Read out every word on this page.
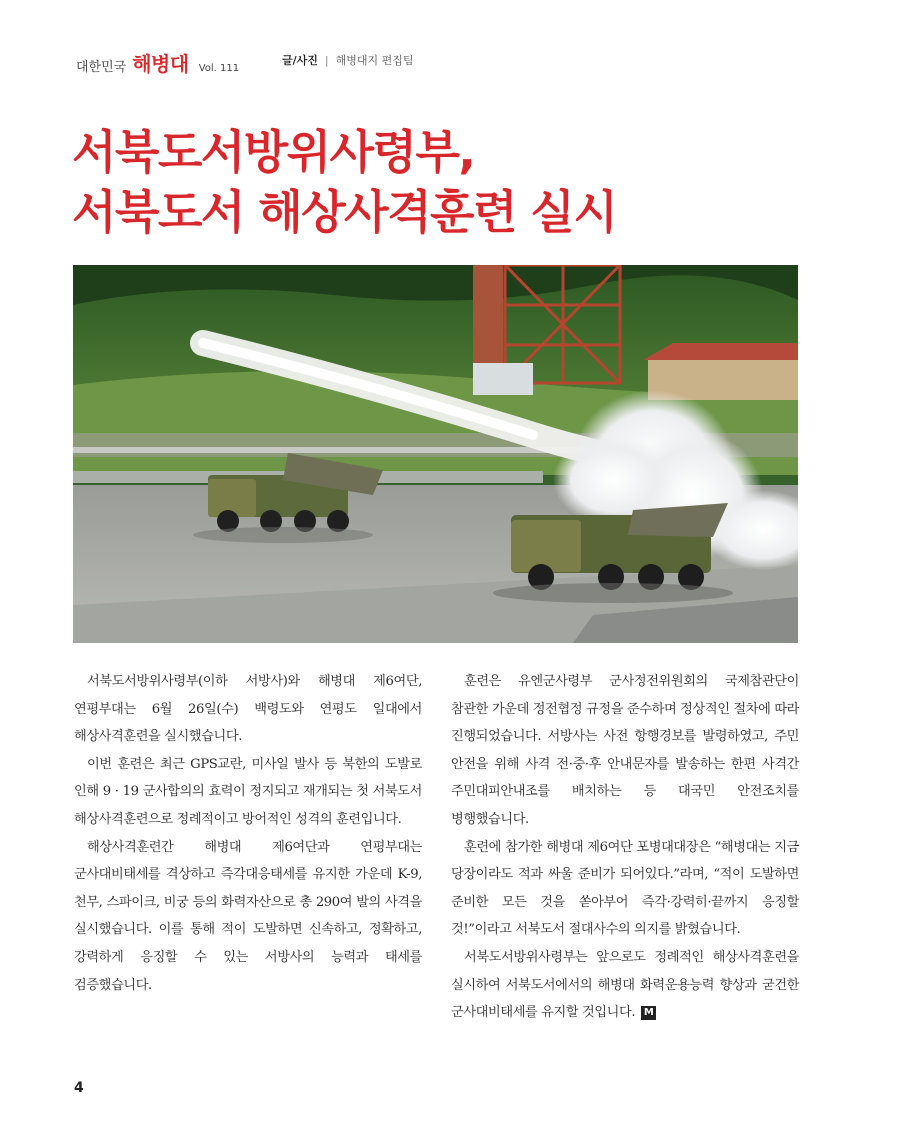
대한민국 해병대 Vol. 111
글/사진 | 해병대지 편집팀
서북도서방위사령부,
서북도서 해상사격훈련 실시

서북도서방위사령부(이하 서방사)와 해병대 제6여단, 연평부대는 6월 26일(수) 백령도와 연평도 일대에서 해상사격훈련을 실시했습니다.

이번 훈련은 최근 GPS교란, 미사일 발사 등 북한의 도발로 인해 9 · 19 군사합의의 효력이 정지되고 재개되는 첫 서북도서 해상사격훈련으로 정례적이고 방어적인 성격의 훈련입니다.

해상사격훈련간 해병대 제6여단과 연평부대는 군사대비태세를 격상하고 즉각대응태세를 유지한 가운데 K-9, 천무, 스파이크, 비궁 등의 화력자산으로 총 290여 발의 사격을 실시했습니다. 이를 통해 적이 도발하면 신속하고, 정확하고, 강력하게 응징할 수 있는 서방사의 능력과 태세를 검증했습니다.

훈련은 유엔군사령부 군사정전위원회의 국제참관단이 참관한 가운데 정전협정 규정을 준수하며 정상적인 절차에 따라 진행되었습니다. 서방사는 사전 항행경보를 발령하였고, 주민 안전을 위해 사격 전·중·후 안내문자를 발송하는 한편 사격간 주민대피안내조를 배치하는 등 대국민 안전조치를 병행했습니다.

훈련에 참가한 해병대 제6여단 포병대대장은 “해병대는 지금 당장이라도 적과 싸울 준비가 되어있다.”라며, “적이 도발하면 준비한 모든 것을 쏟아부어 즉각·강력히·끝까지 응징할 것!”이라고 서북도서 절대사수의 의지를 밝혔습니다.

서북도서방위사령부는 앞으로도 정례적인 해상사격훈련을 실시하여 서북도서에서의 해병대 화력운용능력 향상과 굳건한 군사대비태세를 유지할 것입니다. M

4
